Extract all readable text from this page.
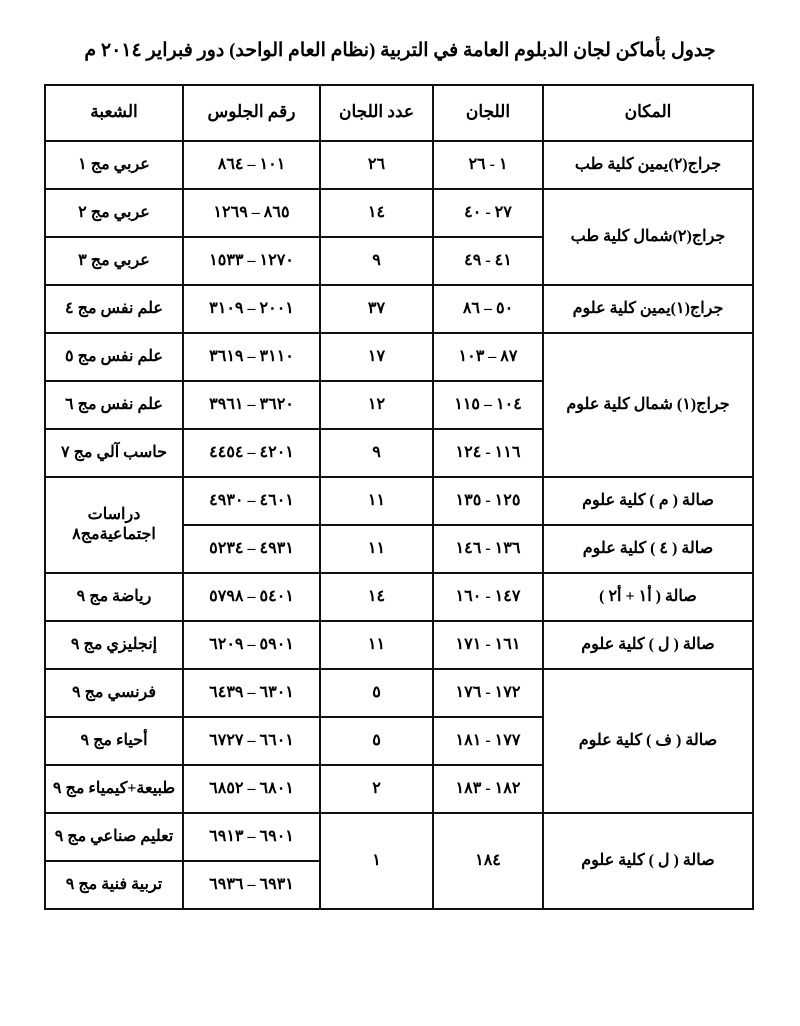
جدول بأماكن لجان الدبلوم العامة في التربية (نظام العام الواحد) دور فبراير ٢٠١٤ م
المكان	اللجان	عدد اللجان	رقم الجلوس	الشعبة
جراج(٢)يمين كلية طب	١ - ٢٦	٢٦	١٠١ – ٨٦٤	عربي مج ١
جراج(٢)شمال كلية طب	٢٧ - ٤٠	١٤	٨٦٥ – ١٢٦٩	عربي مج ٢
	٤١ - ٤٩	٩	١٢٧٠ – ١٥٣٣	عربي مج ٣
جراج(١)يمين كلية علوم	٥٠ – ٨٦	٣٧	٢٠٠١ – ٣١٠٩	علم نفس مج ٤
جراج(١) شمال كلية علوم	٨٧ – ١٠٣	١٧	٣١١٠ – ٣٦١٩	علم نفس مج ٥
	١٠٤ – ١١٥	١٢	٣٦٢٠ – ٣٩٦١	علم نفس مج ٦
	١١٦ - ١٢٤	٩	٤٢٠١ – ٤٤٥٤	حاسب آلي مج ٧
صالة ( م ) كلية علوم	١٢٥ - ١٣٥	١١	٤٦٠١ – ٤٩٣٠	دراسات اجتماعيةمج٨
صالة ( ٤ ) كلية علوم	١٣٦ - ١٤٦	١١	٤٩٣١ – ٥٢٣٤	
صالة ( أ١ + أ٢ )	١٤٧ - ١٦٠	١٤	٥٤٠١ – ٥٧٩٨	رياضة مج ٩
صالة ( ل ) كلية علوم	١٦١ - ١٧١	١١	٥٩٠١ – ٦٢٠٩	إنجليزي مج ٩
صالة ( ف ) كلية علوم	١٧٢ - ١٧٦	٥	٦٣٠١ – ٦٤٣٩	فرنسي مج ٩
	١٧٧ - ١٨١	٥	٦٦٠١ – ٦٧٢٧	أحياء مج ٩
	١٨٢ - ١٨٣	٢	٦٨٠١ – ٦٨٥٢	طبيعة+كيمياء مج ٩
صالة ( ل ) كلية علوم	١٨٤	١	٦٩٠١ – ٦٩١٣	تعليم صناعي مج ٩
			٦٩٣١ – ٦٩٣٦	تربية فنية مج ٩
